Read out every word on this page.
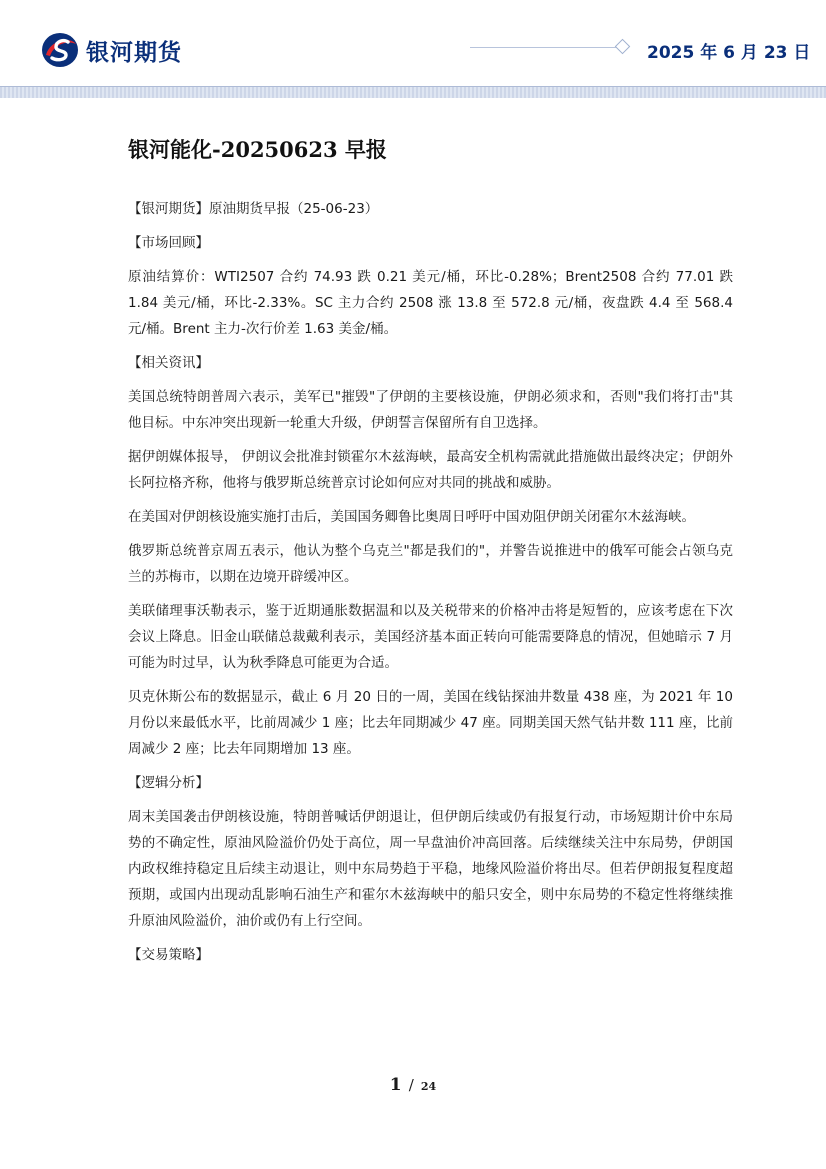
银河期货	2025 年 6 月 23 日
银河能化-20250623 早报

【银河期货】原油期货早报（25-06-23）

【市场回顾】

原油结算价：WTI2507 合约 74.93 跌 0.21 美元/桶，环比-0.28%；Brent2508 合约 77.01 跌 1.84 美元/桶，环比-2.33%。SC 主力合约 2508 涨 13.8 至 572.8 元/桶，夜盘跌 4.4 至 568.4 元/桶。Brent 主力-次行价差 1.63 美金/桶。

【相关资讯】

美国总统特朗普周六表示，美军已"摧毁"了伊朗的主要核设施，伊朗必须求和，否则"我们将打击"其他目标。中东冲突出现新一轮重大升级，伊朗誓言保留所有自卫选择。

据伊朗媒体报导， 伊朗议会批准封锁霍尔木兹海峡，最高安全机构需就此措施做出最终决定；伊朗外长阿拉格齐称，他将与俄罗斯总统普京讨论如何应对共同的挑战和威胁。

在美国对伊朗核设施实施打击后，美国国务卿鲁比奥周日呼吁中国劝阻伊朗关闭霍尔木兹海峡。

俄罗斯总统普京周五表示，他认为整个乌克兰"都是我们的"，并警告说推进中的俄军可能会占领乌克兰的苏梅市，以期在边境开辟缓冲区。

美联储理事沃勒表示，鉴于近期通胀数据温和以及关税带来的价格冲击将是短暂的，应该考虑在下次会议上降息。旧金山联储总裁戴利表示，美国经济基本面正转向可能需要降息的情况，但她暗示 7 月可能为时过早，认为秋季降息可能更为合适。

贝克休斯公布的数据显示，截止 6 月 20 日的一周，美国在线钻探油井数量 438 座，为 2021 年 10 月份以来最低水平，比前周减少 1 座；比去年同期减少 47 座。同期美国天然气钻井数 111 座，比前周减少 2 座；比去年同期增加 13 座。

【逻辑分析】

周末美国袭击伊朗核设施，特朗普喊话伊朗退让，但伊朗后续或仍有报复行动，市场短期计价中东局势的不确定性，原油风险溢价仍处于高位，周一早盘油价冲高回落。后续继续关注中东局势，伊朗国内政权维持稳定且后续主动退让，则中东局势趋于平稳，地缘风险溢价将出尽。但若伊朗报复程度超预期，或国内出现动乱影响石油生产和霍尔木兹海峡中的船只安全，则中东局势的不稳定性将继续推升原油风险溢价，油价或仍有上行空间。

【交易策略】

1 / 24
